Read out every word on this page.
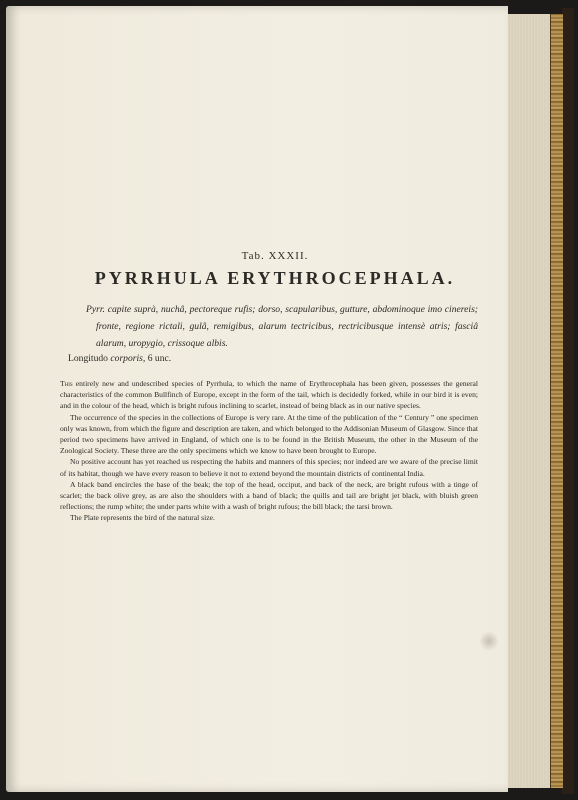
Tab. XXXII.

PYRRHULA ERYTHROCEPHALA.

Pyrr. capite suprà, nuchâ, pectoreque rufis; dorso, scapularibus, gutture, abdominoque imo cinereis; fronte, regione rictali, gulâ, remigibus, alarum tectricibus, rectricibusque intensè atris; fasciâ alarum, uropygio, crissoque albis.

Longitudo corporis, 6 unc.

This entirely new and undescribed species of Pyrrhula, to which the name of Erythrocephala has been given, possesses the general characteristics of the common Bullfinch of Europe, except in the form of the tail, which is decidedly forked, while in our bird it is even; and in the colour of the head, which is bright rufous inclining to scarlet, instead of being black as in our native species.

The occurrence of the species in the collections of Europe is very rare. At the time of the publication of the “ Century ” one specimen only was known, from which the figure and description are taken, and which belonged to the Addisonian Museum of Glasgow. Since that period two specimens have arrived in England, of which one is to be found in the British Museum, the other in the Museum of the Zoological Society. These three are the only specimens which we know to have been brought to Europe.

No positive account has yet reached us respecting the habits and manners of this species; nor indeed are we aware of the precise limit of its habitat, though we have every reason to believe it not to extend beyond the mountain districts of continental India.

A black band encircles the base of the beak; the top of the head, occiput, and back of the neck, are bright rufous with a tinge of scarlet; the back olive grey, as are also the shoulders with a band of black; the quills and tail are bright jet black, with bluish green reflections; the rump white; the under parts white with a wash of bright rufous; the bill black; the tarsi brown.

The Plate represents the bird of the natural size.
